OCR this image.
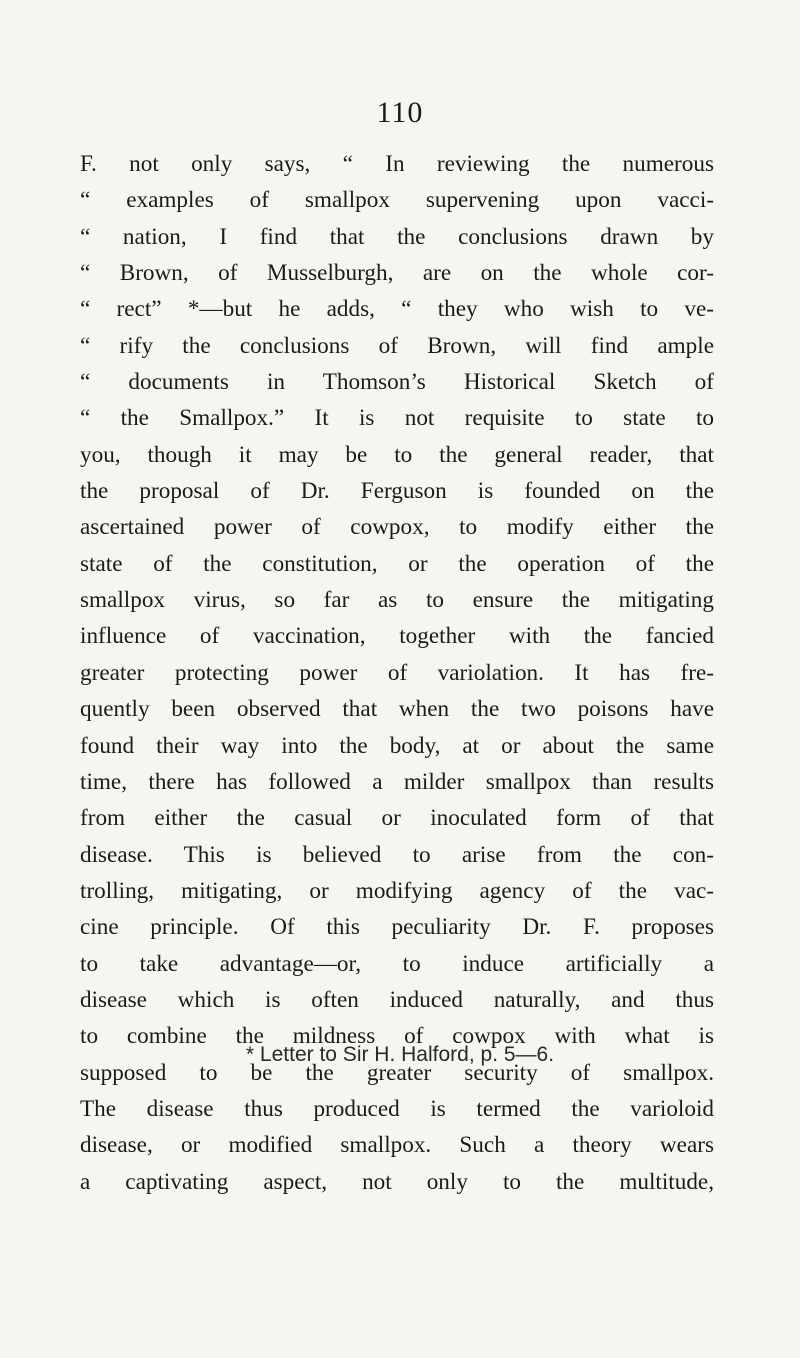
110
F. not only says, “ In reviewing the numerous
“ examples of smallpox supervening upon vacci-
“ nation, I find that the conclusions drawn by
“ Brown, of Musselburgh, are on the whole cor-
“ rect” *—but he adds, “ they who wish to ve-
“ rify the conclusions of Brown, will find ample
“ documents in Thomson’s Historical Sketch of
“ the Smallpox.” It is not requisite to state to
you, though it may be to the general reader, that
the proposal of Dr. Ferguson is founded on the
ascertained power of cowpox, to modify either the
state of the constitution, or the operation of the
smallpox virus, so far as to ensure the mitigating
influence of vaccination, together with the fancied
greater protecting power of variolation. It has fre-
quently been observed that when the two poisons have
found their way into the body, at or about the same
time, there has followed a milder smallpox than results
from either the casual or inoculated form of that
disease. This is believed to arise from the con-
trolling, mitigating, or modifying agency of the vac-
cine principle. Of this peculiarity Dr. F. proposes
to take advantage—or, to induce artificially a
disease which is often induced naturally, and thus
to combine the mildness of cowpox with what is
supposed to be the greater security of smallpox.
The disease thus produced is termed the varioloid
disease, or modified smallpox. Such a theory wears
a captivating aspect, not only to the multitude,
* Letter to Sir H. Halford, p. 5—6.
